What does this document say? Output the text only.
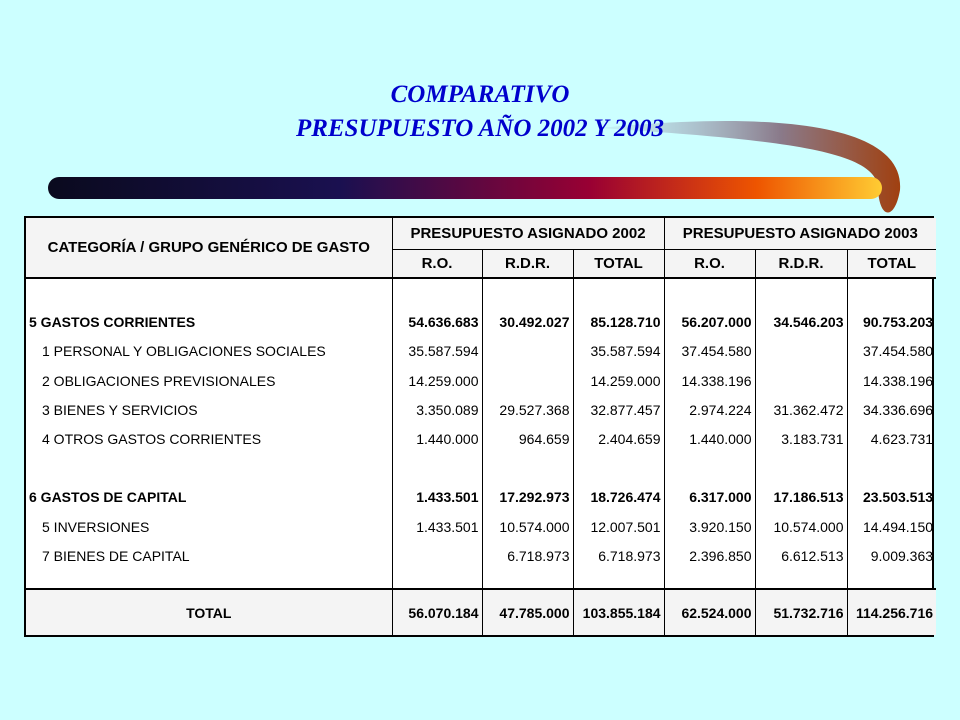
COMPARATIVO
PRESUPUESTO AÑO 2002 Y 2003
CATEGORÍA / GRUPO GENÉRICO DE GASTO	PRESUPUESTO ASIGNADO 2002			PRESUPUESTO ASIGNADO 2003		
	R.O.	R.D.R.	TOTAL	R.O.	R.D.R.	TOTAL

5 GASTOS CORRIENTES	54.636.683	30.492.027	85.128.710	56.207.000	34.546.203	90.753.203
1 PERSONAL Y OBLIGACIONES SOCIALES	35.587.594		35.587.594	37.454.580		37.454.580
2 OBLIGACIONES PREVISIONALES	14.259.000		14.259.000	14.338.196		14.338.196
3 BIENES Y SERVICIOS	3.350.089	29.527.368	32.877.457	2.974.224	31.362.472	34.336.696
4 OTROS GASTOS CORRIENTES	1.440.000	964.659	2.404.659	1.440.000	3.183.731	4.623.731

6 GASTOS DE CAPITAL	1.433.501	17.292.973	18.726.474	6.317.000	17.186.513	23.503.513
5 INVERSIONES	1.433.501	10.574.000	12.007.501	3.920.150	10.574.000	14.494.150
7 BIENES DE CAPITAL		6.718.973	6.718.973	2.396.850	6.612.513	9.009.363

TOTAL	56.070.184	47.785.000	103.855.184	62.524.000	51.732.716	114.256.716
